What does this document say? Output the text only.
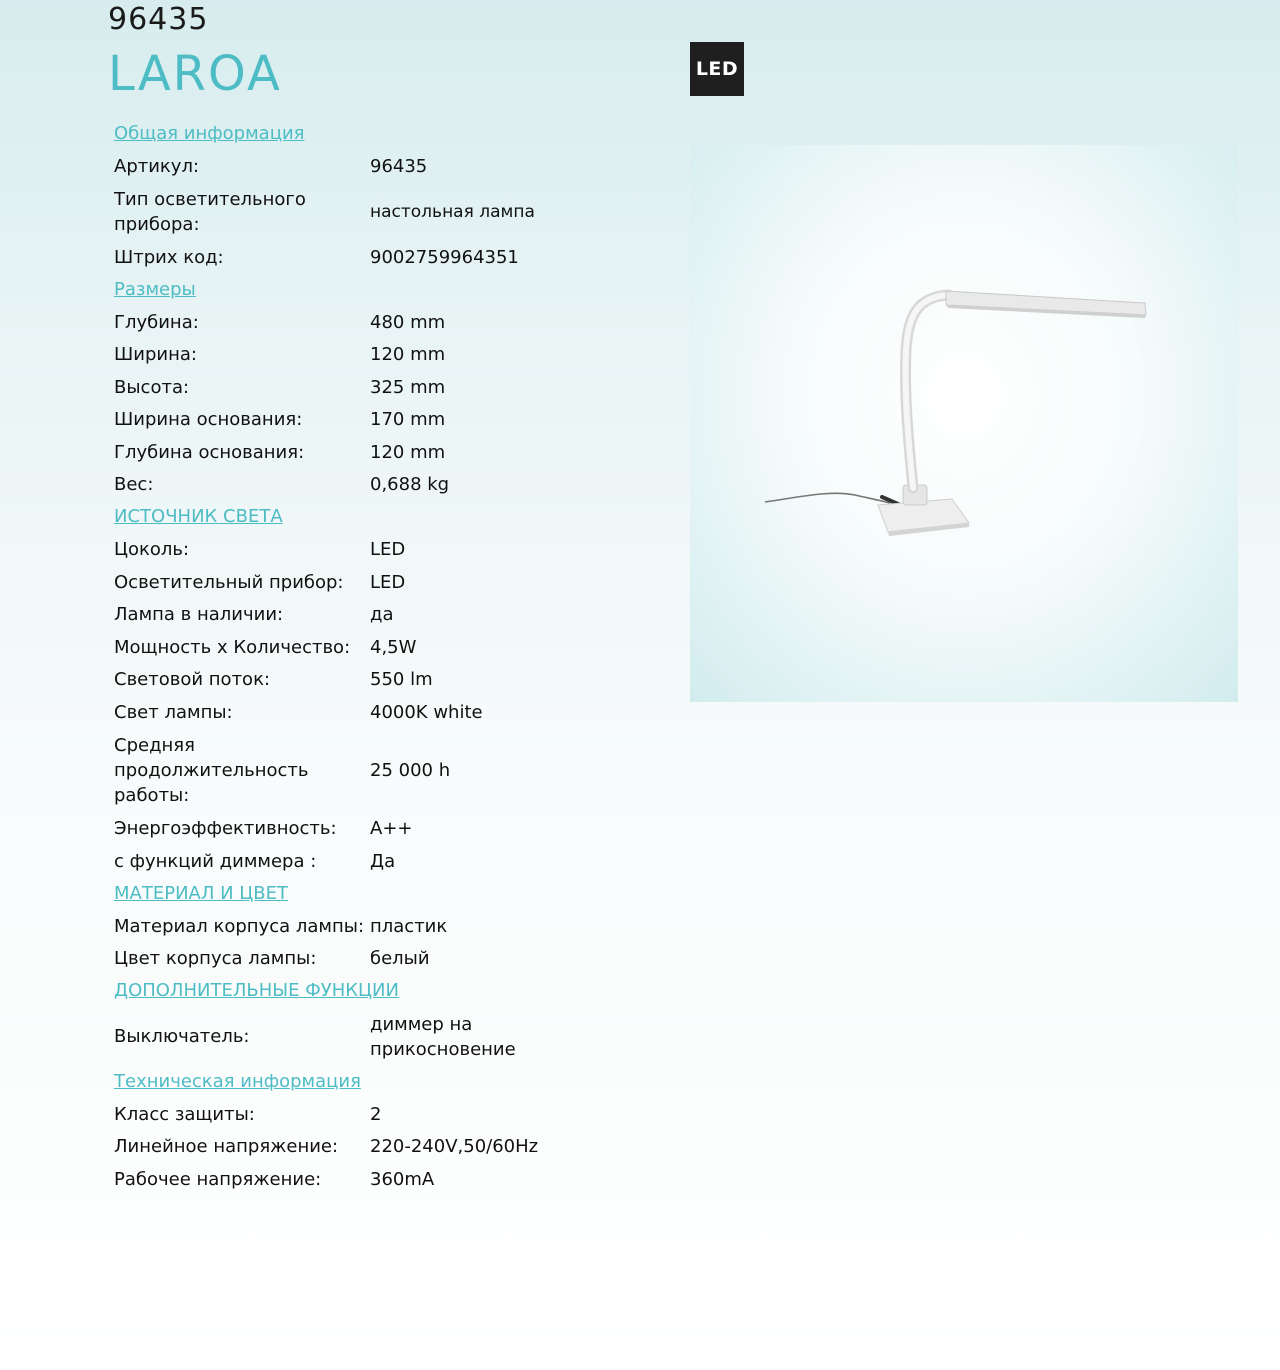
96435
LAROA	LED
Общая информация
Артикул:	96435
Тип осветительного прибора:
настольная лампа
Штрих код:	9002759964351
Размеры
Глубина:	480 mm
Ширина:	120 mm
Высота:	325 mm
Ширина основания:	170 mm
Глубина основания:	120 mm
Вес:	0,688 kg
ИСТОЧНИК СВЕТА
Цоколь:	LED
Осветительный прибор:	LED
Лампа в наличии:	да
Мощность x Количество:	4,5W
Световой поток:	550 lm
Свет лампы:	4000K white
Средняя продолжительность работы:
25 000 h
Энергоэффективность:	A++
с функций диммера :	Да
МАТЕРИАЛ И ЦВЕТ
Материал корпуса лампы: пластик
Цвет корпуса лампы:	белый
ДОПОЛНИТЕЛЬНЫЕ ФУНКЦИИ
Выключатель:
диммер на прикосновение
Техническая информация
Класс защиты:	2
Линейное напряжение:	220-240V,50/60Hz
Рабочее напряжение:	360mA
